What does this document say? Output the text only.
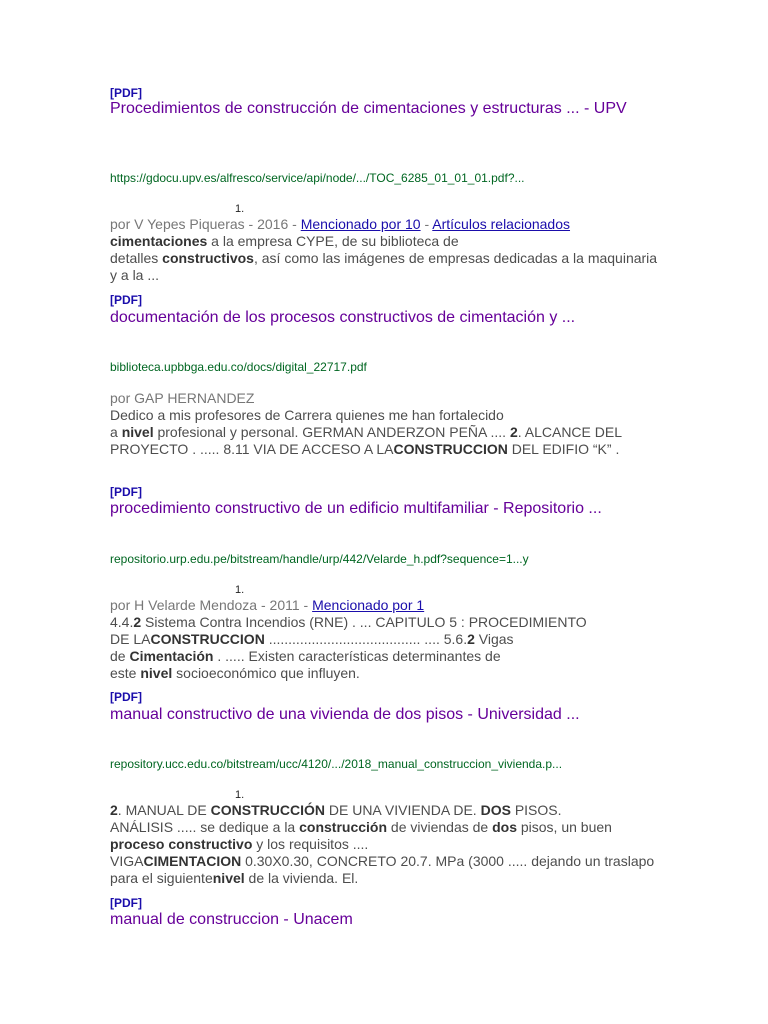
[PDF]
Procedimientos de construcción de cimentaciones y estructuras ... - UPV
https://gdocu.upv.es/alfresco/service/api/node/.../TOC_6285_01_01_01.pdf?...
1.
por V Yepes Piqueras - 2016 - Mencionado por 10 - Artículos relacionados
cimentaciones a la empresa CYPE, de su biblioteca de
detalles constructivos, así como las imágenes de empresas dedicadas a la maquinaria y a la ...
[PDF]
documentación de los procesos constructivos de cimentación y ...
biblioteca.upbbga.edu.co/docs/digital_22717.pdf
por GAP HERNANDEZ
Dedico a mis profesores de Carrera quienes me han fortalecido
a nivel profesional y personal. GERMAN ANDERZON PEÑA .... 2. ALCANCE DEL PROYECTO . ..... 8.11 VIA DE ACCESO A LACONSTRUCCION DEL EDIFIO “K” .
[PDF]
procedimiento constructivo de un edificio multifamiliar - Repositorio ...
repositorio.urp.edu.pe/bitstream/handle/urp/442/Velarde_h.pdf?sequence=1...y
1.
por H Velarde Mendoza - 2011 - Mencionado por 1
4.4.2 Sistema Contra Incendios (RNE) . ... CAPITULO 5 : PROCEDIMIENTO
DE LACONSTRUCCION ....................................... .... 5.6.2 Vigas
de Cimentación . ..... Existen características determinantes de
este nivel socioeconómico que influyen.
[PDF]
manual constructivo de una vivienda de dos pisos - Universidad ...
repository.ucc.edu.co/bitstream/ucc/4120/.../2018_manual_construccion_vivienda.p...
1.
2. MANUAL DE CONSTRUCCIÓN DE UNA VIVIENDA DE. DOS PISOS.
ANÁLISIS ..... se dedique a la construcción de viviendas de dos pisos, un buen proceso constructivo y los requisitos ....
VIGACIMENTACION 0.30X0.30, CONCRETO 20.7. MPa (3000 ..... dejando un traslapo para el siguientenivel de la vivienda. El.
[PDF]
manual de construccion - Unacem
